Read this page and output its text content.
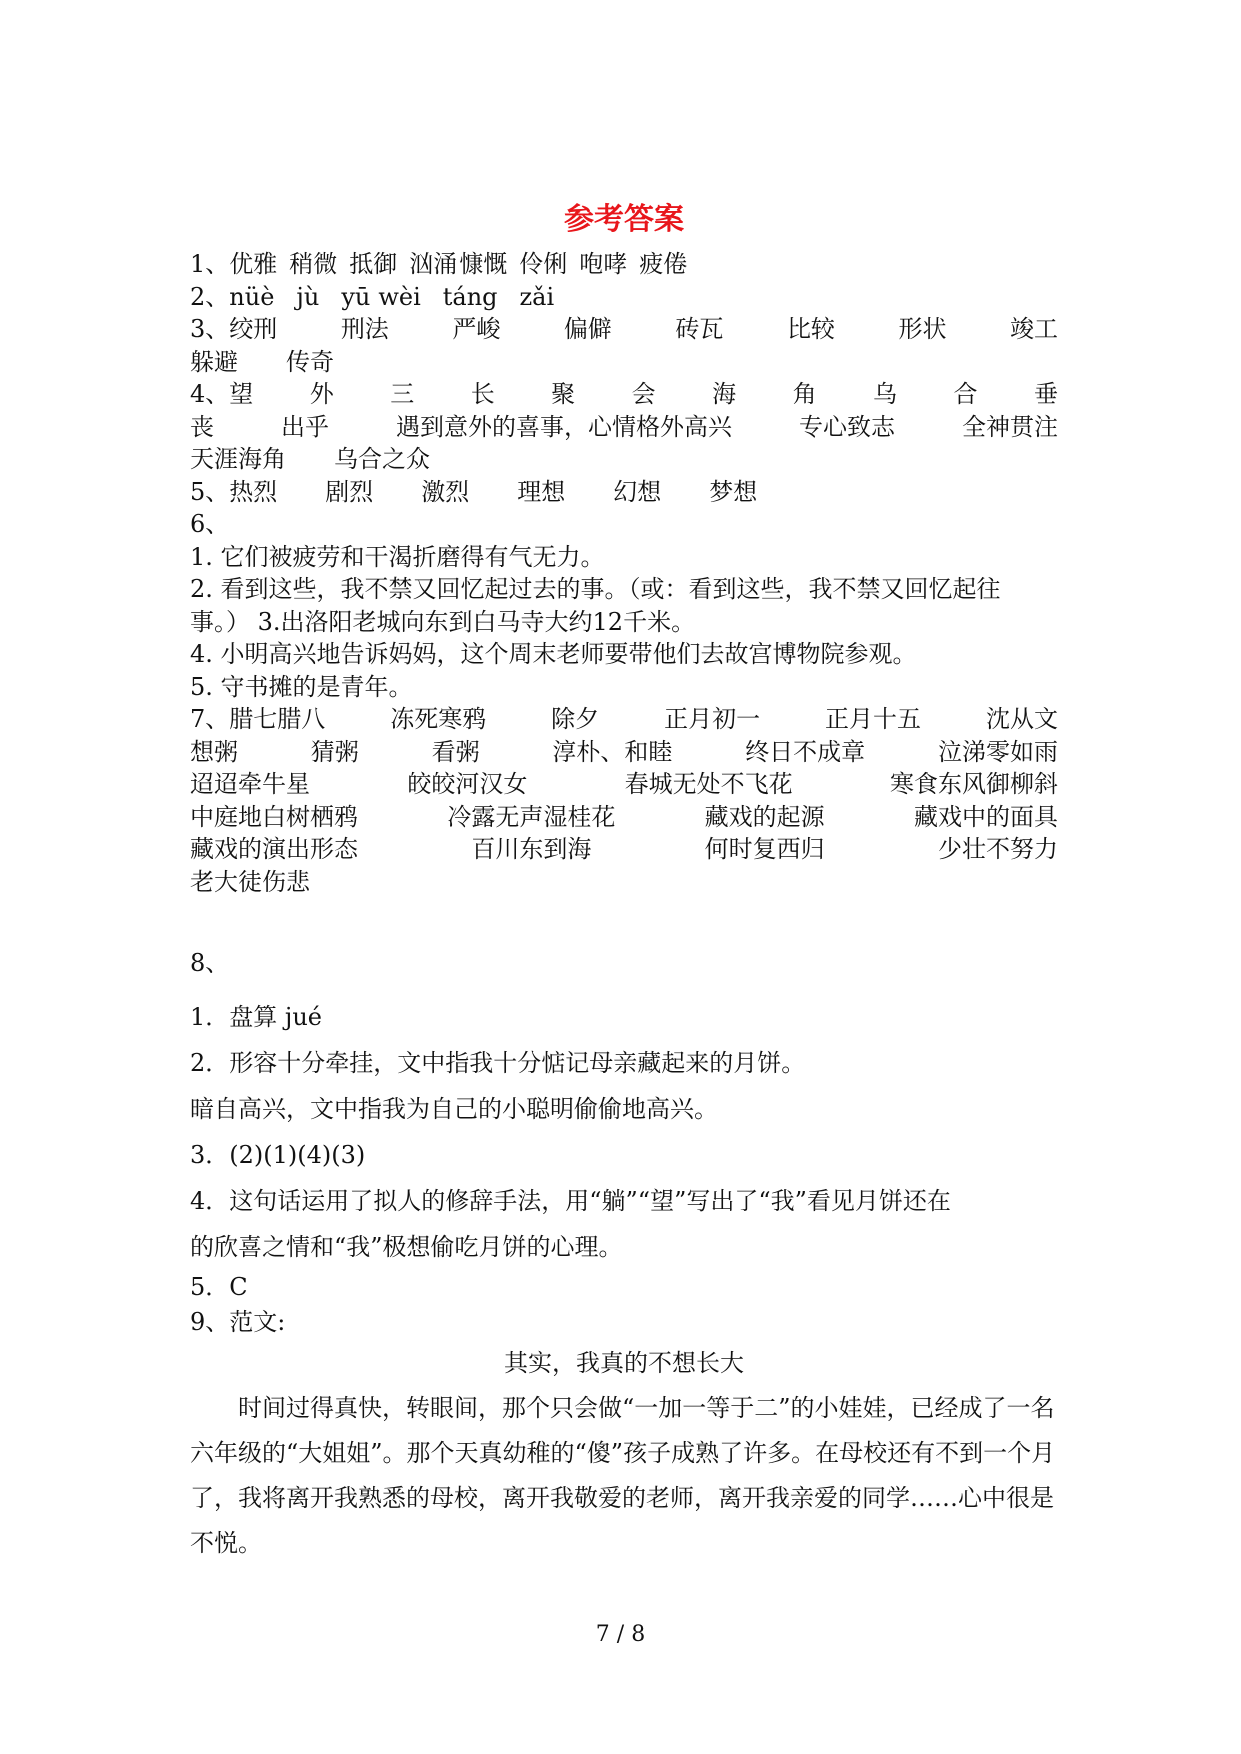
参考答案
1、 优雅 稍微 抵御 汹涌 慷慨 伶俐 咆哮 疲倦
2、 nüè jù yū wèi táng zǎi
3、绞刑	刑法	严峻	偏僻	砖瓦	比较	形状	竣工
躲避 传奇
4、望 外 三 长 聚 会 海 角 乌 合 垂
丧	出乎	遇到意外的喜事，心情格外高兴	专心致志	全神贯注
天涯海角 乌合之众
5、热烈 剧烈 激烈 理想 幻想 梦想
6、
1. 它们被疲劳和干渴折磨得有气无力。
2. 看到这些，我不禁又回忆起过去的事。（或：看到这些，我不禁又回忆起往
事。） 3.出洛阳老城向东到白马寺大约12千米。
4. 小明高兴地告诉妈妈，这个周末老师要带他们去故宫博物院参观。
5. 守书摊的是青年。
7、腊七腊八	冻死寒鸦	除夕	正月初一	正月十五	沈从文
想粥	猜粥	看粥	淳朴、和睦	终日不成章	泣涕零如雨
迢迢牵牛星	皎皎河汉女	春城无处不飞花	寒食东风御柳斜
中庭地白树栖鸦	冷露无声湿桂花	藏戏的起源	藏戏中的面具
藏戏的演出形态	百川东到海	何时复西归	少壮不努力
老大徒伤悲
8、
1．盘算 jué
2．形容十分牵挂，文中指我十分惦记母亲藏起来的月饼。
暗自高兴，文中指我为自己的小聪明偷偷地高兴。
3．(2)(1)(4)(3)
4．这句话运用了拟人的修辞手法，用“躺”“望”写出了“我”看见月饼还在
的欣喜之情和“我”极想偷吃月饼的心理。
5．C
9、范文:
其实，我真的不想长大
时间过得真快，转眼间，那个只会做“一加一等于二”的小娃娃，已经成了一名六年级的“大姐姐”。那个天真幼稚的“傻”孩子成熟了许多。在母校还有不到一个月了，我将离开我熟悉的母校，离开我敬爱的老师，离开我亲爱的同学……心中很是不悦。
7 / 8
